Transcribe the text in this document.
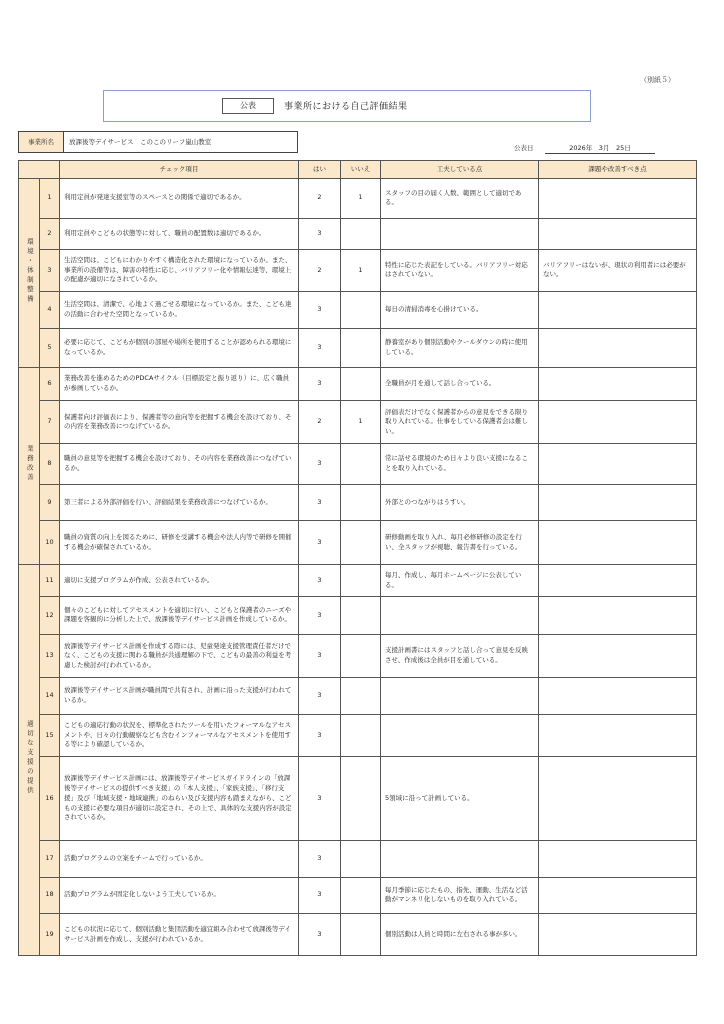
（別紙５）
公表	事業所における自己評価結果
事業所名	放課後等デイサービス　このこのリーフ嵐山教室
公表日	2026年　3月　25日
		チェック項目	はい	いいえ	工夫している点	課題や改善すべき点
環境・体制整備	1	利用定員が発達支援室等のスペースとの関係で適切であるか。	2	1	スタッフの目の届く人数、範囲として適切である。	
	2	利用定員やこどもの状態等に対して、職員の配置数は適切であるか。	3			
	3	生活空間は、こどもにわかりやすく構造化された環境になっているか。また、事業所の設備等は、障害の特性に応じ、バリアフリー化や情報伝達等、環境上の配慮が適切になされているか。	2	1	特性に応じた表記をしている。バリアフリー対応はされていない。	バリアフリーはないが、現状の利用者には必要がない。
	4	生活空間は、清潔で、心地よく過ごせる環境になっているか。また、こども達の活動に合わせた空間となっているか。	3		毎日の清掃消毒を心掛けている。	
	5	必要に応じて、こどもが個別の部屋や場所を使用することが認められる環境になっているか。	3		静養室があり個別活動やクールダウンの時に使用している。	
業務改善	6	業務改善を進めるためのPDCAサイクル（目標設定と振り返り）に、広く職員が参画しているか。	3		全職員が月を通して話し合っている。	
	7	保護者向け評価表により、保護者等の意向等を把握する機会を設けており、その内容を業務改善につなげているか。	2	1	評価表だけでなく保護者からの意見をできる限り取り入れている。仕事をしている保護者会は難しい。	
	8	職員の意見等を把握する機会を設けており、その内容を業務改善につなげているか。	3		常に話せる環境のため日々より良い支援になることを取り入れている。	
	9	第三者による外部評価を行い、評価結果を業務改善につなげているか。	3		外部とのつながりはうすい。	
	10	職員の資質の向上を図るために、研修を受講する機会や法人内等で研修を開催する機会が確保されているか。	3		研修動画を取り入れ、毎月必修研修の設定を行い、全スタッフが視聴、報告書を行っている。	
適切な支援の提供	11	適切に支援プログラムが作成、公表されているか。	3		毎月、作成し、毎月ホームページに公表している。	
	12	個々のこどもに対してアセスメントを適切に行い、こどもと保護者のニーズや課題を客観的に分析した上で、放課後等デイサービス計画を作成しているか。	3			
	13	放課後等デイサービス計画を作成する際には、児童発達支援管理責任者だけでなく、こどもの支援に関わる職員が共通理解の下で、こどもの最善の利益を考慮した検討が行われているか。	3		支援計画書にはスタッフと話し合って意見を反映させ、作成後は全員が目を通している。	
	14	放課後等デイサービス計画が職員間で共有され、計画に沿った支援が行われているか。	3			
	15	こどもの適応行動の状況を、標準化されたツールを用いたフォーマルなアセスメントや、日々の行動観察なども含むインフォーマルなアセスメントを使用する等により確認しているか。	3			
	16	放課後等デイサービス計画には、放課後等デイサービスガイドラインの「放課後等デイサービスの提供すべき支援」の「本人支援」、「家族支援」、「移行支援」及び「地域支援・地域連携」のねらい及び支援内容も踏まえながら、こどもの支援に必要な項目が適切に設定され、その上で、具体的な支援内容が設定されているか。	3		5領域に沿って計画している。	
	17	活動プログラムの立案をチームで行っているか。	3			
	18	活動プログラムが固定化しないよう工夫しているか。	3		毎月季節に応じたもの、指先、運動、生活など活動がマンネリ化しないものを取り入れている。	
	19	こどもの状況に応じて、個別活動と集団活動を適宜組み合わせて放課後等デイサービス計画を作成し、支援が行われているか。	3		個別活動は人員と時間に左右される事が多い。	
